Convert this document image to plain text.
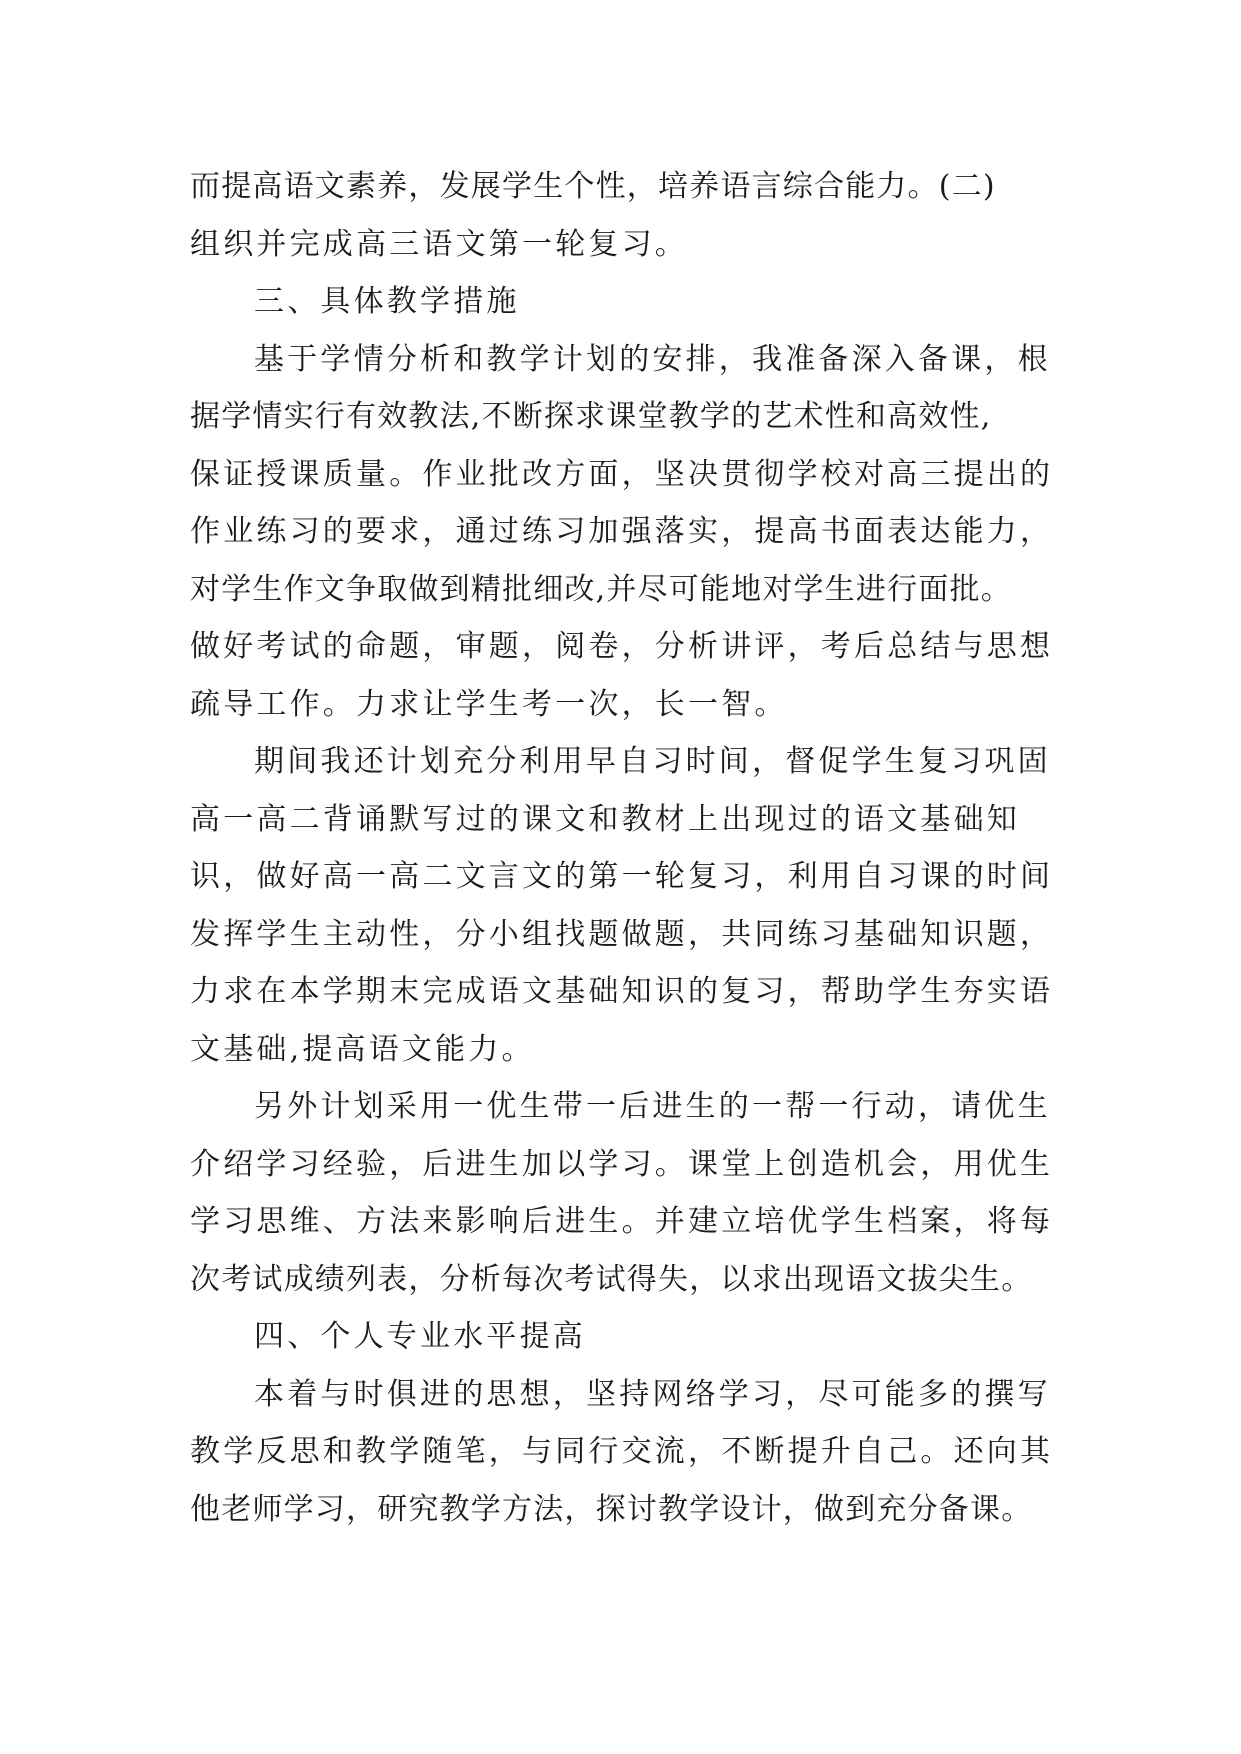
而提高语文素养，发展学生个性，培养语言综合能力。(二)
组织并完成高三语文第一轮复习。
三、具体教学措施
基于学情分析和教学计划的安排，我准备深入备课，根
据学情实行有效教法,不断探求课堂教学的艺术性和高效性,
保证授课质量。作业批改方面，坚决贯彻学校对高三提出的
作业练习的要求，通过练习加强落实，提高书面表达能力，
对学生作文争取做到精批细改,并尽可能地对学生进行面批。
做好考试的命题，审题，阅卷，分析讲评，考后总结与思想
疏导工作。力求让学生考一次，长一智。
期间我还计划充分利用早自习时间，督促学生复习巩固
高一高二背诵默写过的课文和教材上出现过的语文基础知
识，做好高一高二文言文的第一轮复习，利用自习课的时间
发挥学生主动性，分小组找题做题，共同练习基础知识题，
力求在本学期末完成语文基础知识的复习，帮助学生夯实语
文基础,提高语文能力。
另外计划采用一优生带一后进生的一帮一行动，请优生
介绍学习经验，后进生加以学习。课堂上创造机会，用优生
学习思维、方法来影响后进生。并建立培优学生档案，将每
次考试成绩列表，分析每次考试得失，以求出现语文拔尖生。
四、个人专业水平提高
本着与时俱进的思想，坚持网络学习，尽可能多的撰写
教学反思和教学随笔，与同行交流，不断提升自己。还向其
他老师学习，研究教学方法，探讨教学设计，做到充分备课。
